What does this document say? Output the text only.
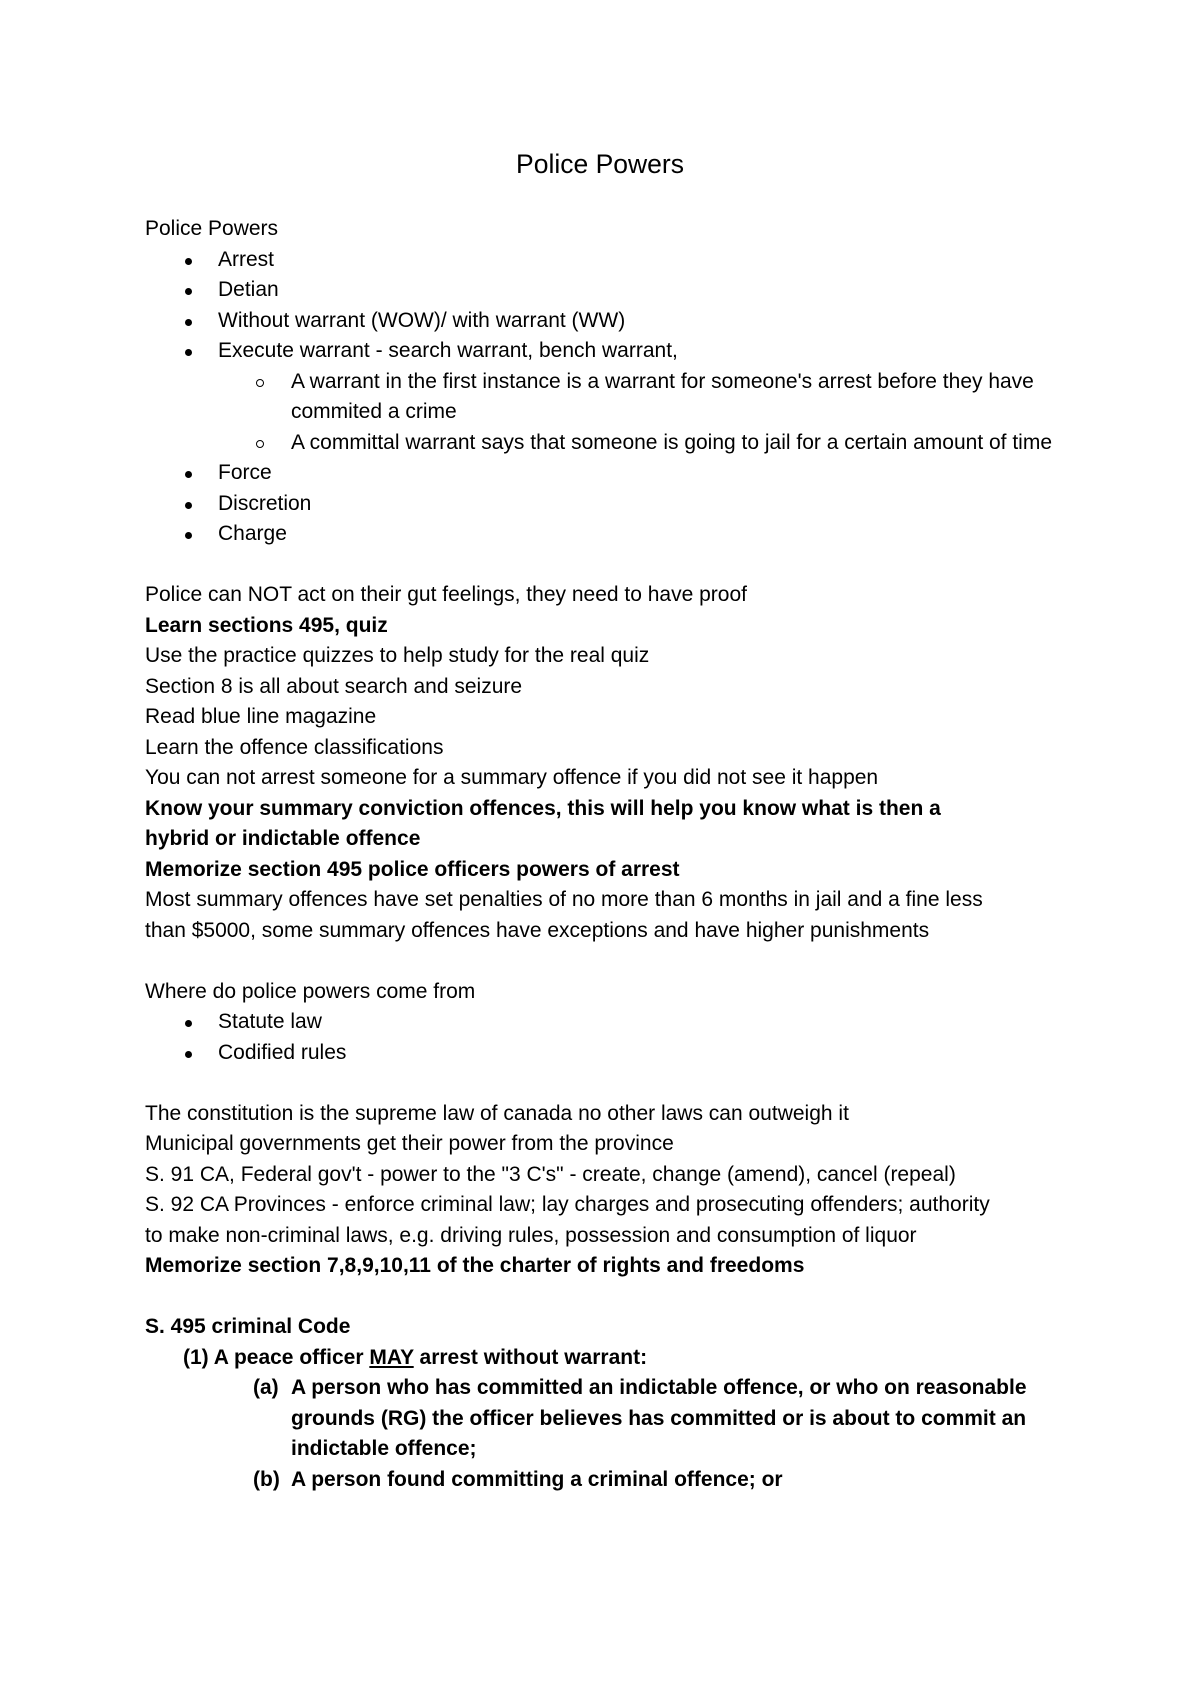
Police Powers
Police Powers
Arrest
Detian
Without warrant (WOW)/ with warrant (WW)
Execute warrant - search warrant, bench warrant,
A warrant in the first instance is a warrant for someone's arrest before they have commited a crime
A committal warrant says that someone is going to jail for a certain amount of time
Force
Discretion
Charge
Police can NOT act on their gut feelings, they need to have proof
Learn sections 495, quiz
Use the practice quizzes to help study for the real quiz
Section 8 is all about search and seizure
Read blue line magazine
Learn the offence classifications
You can not arrest someone for a summary offence if you did not see it happen
Know your summary conviction offences, this will help you know what is then a
hybrid or indictable offence
Memorize section 495 police officers powers of arrest
Most summary offences have set penalties of no more than 6 months in jail and a fine less
than $5000, some summary offences have exceptions and have higher punishments
Where do police powers come from
Statute law
Codified rules
The constitution is the supreme law of canada no other laws can outweigh it
Municipal governments get their power from the province
S. 91 CA, Federal gov't - power to the "3 C's" - create, change (amend), cancel (repeal)
S. 92 CA Provinces - enforce criminal law; lay charges and prosecuting offenders; authority
to make non-criminal laws, e.g. driving rules, possession and consumption of liquor
Memorize section 7,8,9,10,11 of the charter of rights and freedoms
S. 495 criminal Code
(1) A peace officer MAY arrest without warrant:
(a) A person who has committed an indictable offence, or who on reasonable grounds (RG) the officer believes has committed or is about to commit an indictable offence;
(b) A person found committing a criminal offence; or
